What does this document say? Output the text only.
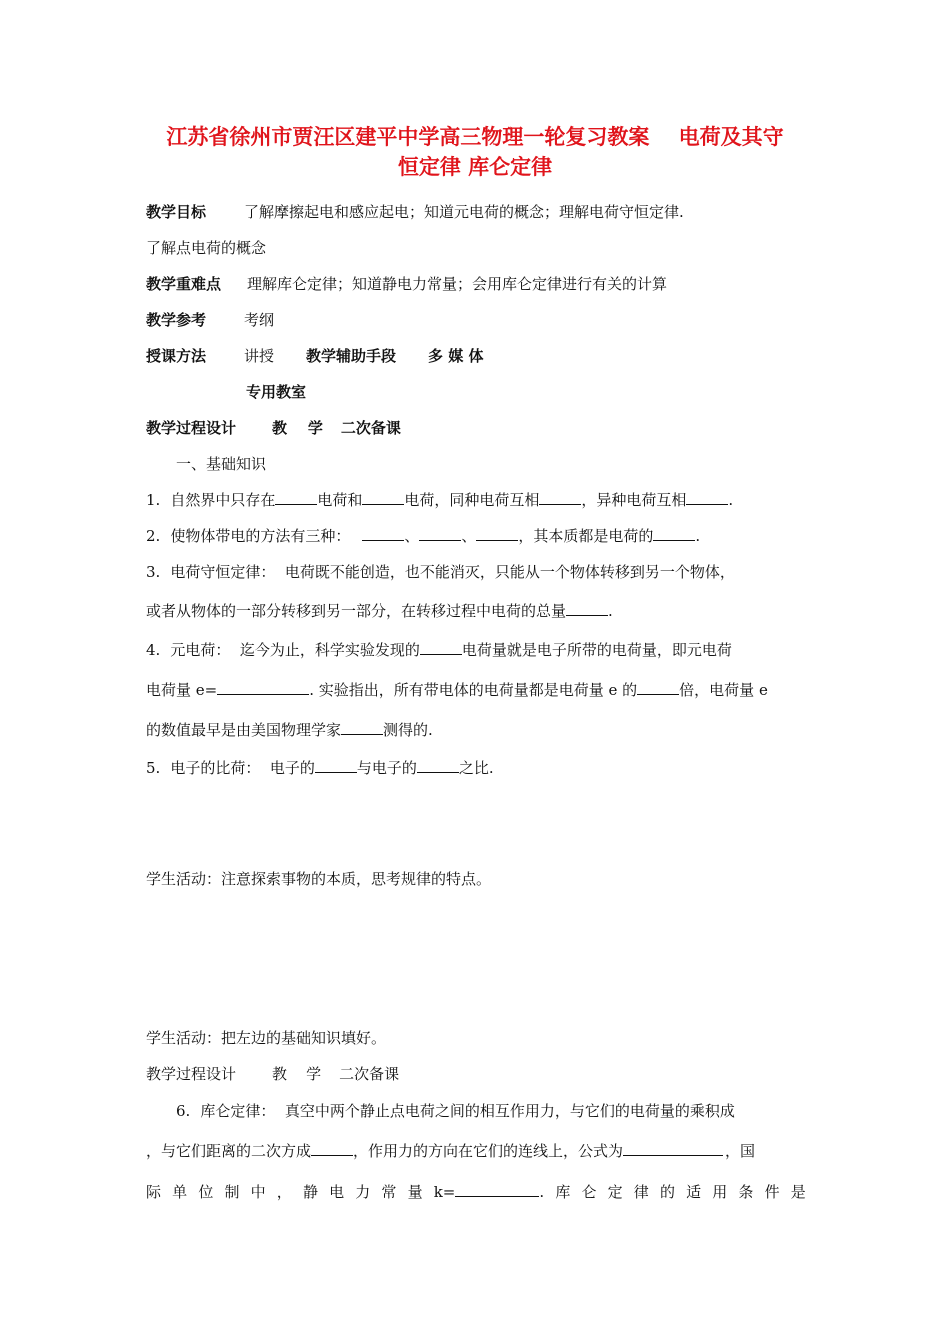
江苏省徐州市贾汪区建平中学高三物理一轮复习教案    电荷及其守
恒定律 库仑定律
教学目标	了解摩擦起电和感应起电；知道元电荷的概念；理解电荷守恒定律.
了解点电荷的概念
教学重难点 理解库仑定律；知道静电力常量；会用库仑定律进行有关的计算
教学参考	考纲
授课方法	讲授 教学辅助手段 多 媒 体
专用教室
教学过程设计 教    学 二次备课
一、基础知识
1. 自然界中只存在	电荷和	电荷，同种电荷互相	，异种电荷互相	.
2. 使物体带电的方法有三种：	、	、	，其本质都是电荷的	.
3. 电荷守恒定律：  电荷既不能创造，也不能消灭，只能从一个物体转移到另一个物体，
或者从物体的一部分转移到另一部分，在转移过程中电荷的总量	.
4. 元电荷：  迄今为止，科学实验发现的	电荷量就是电子所带的电荷量，即元电荷
电荷量 e=	. 实验指出，所有带电体的电荷量都是电荷量 e 的	倍，电荷量 e
的数值最早是由美国物理学家	测得的.
5. 电子的比荷：  电子的	与电子的	之比.
学生活动：注意探索事物的本质，思考规律的特点。
学生活动：把左边的基础知识填好。
教学过程设计 教    学 二次备课
6. 库仑定律：  真空中两个静止点电荷之间的相互作用力，与它们的电荷量的乘积成
，与它们距离的二次方成	，作用力的方向在它们的连线上，公式为	，国
际 单 位 制 中 ， 静 电 力 常 量 k=	. 库 仑 定 律 的 适 用 条 件 是
